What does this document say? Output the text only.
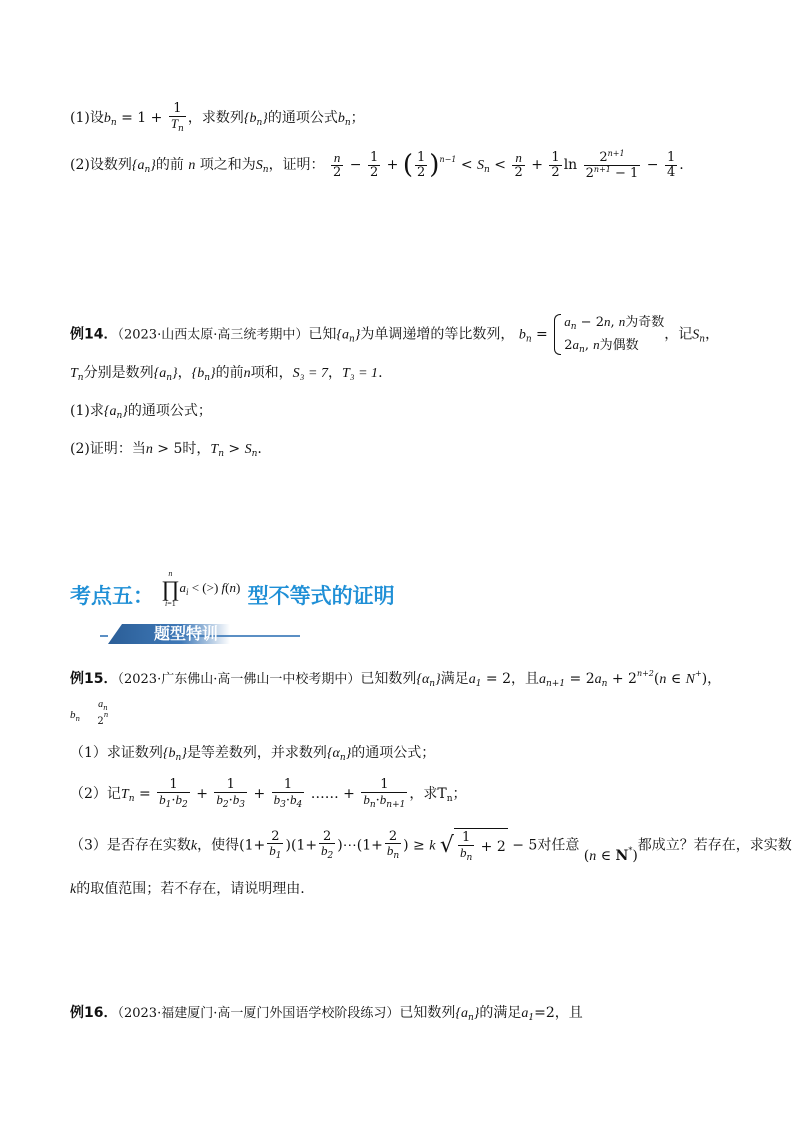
(1)设$b_n = 1 + \frac{1}{T_n}$ ，求数列$\{b_n\}$的通项公式$b_n$；
(2)设数列$\{a_n\}$的前 n 项之和为$S_n$，证明： $\frac{n}{2} - \frac{1}{2}$ + ( $\frac{1}{2} )^{n-1} < S_n < \frac{n}{2} + \frac{1}{2}$ $\ln \frac{2^{n+1}}{2^{n+1} - 1} - \frac{1}{4}$ .
例14．（2023·山西太原·高三统考期中）已知$\{a_n\}$为单调递增的等比数列， $b_n$ =
$a_n - 2n$, n为奇数
$2a_n$, n为偶数
，记$S_n$，
$T_n$分别是数列$\{a_n\}$，$\{b_n\}$的前n项和，S₃ = 7，T₃ = 1.
(1)求$\{a_n\}$的通项公式；
(2)证明：当n > 5时，$T_n > S_n$.
考点五：
n
∏
i=1
$a_i$ < (>) f(n) 型不等式的证明
题型特训
例15．（2023·广东佛山·高一佛山一中校考期中）已知数列$\{\alpha_n\}$满足$a_1 = 2$，且$a_{n+1} = 2a_n + 2^{n+2}(n$ ∈ N+)，
$b_n$
$a_n$
2$^n$
（1）求证数列$\{b_n\}$是等差数列，并求数列$\{\alpha_n\}$的通项公式；
（2）记$T_n = \frac{1}{b_1\cdot b_2} + \frac{1}{b_2\cdot b_3} + \frac{1}{b_3\cdot b_4}$ …… + $\frac{1}{b_n\cdot b_{n+1}}$ ，求$T_n$；
（3）是否存在实数k，使得$(1+ \frac{2}{b_1} )(1+ \frac{2}{b_2}$ )⋯(1+ $\frac{2}{b_n}$ ) ≥ k √ $\frac{1}{b_n} + 2 - 5$对任意 (n ∈ N*)都成立？若存在，求实数
k的取值范围；若不存在，请说明理由.
例16．（2023·福建厦门·高一厦门外国语学校阶段练习）已知数列$\{a_n\}$的满足$a_1=2$，且
